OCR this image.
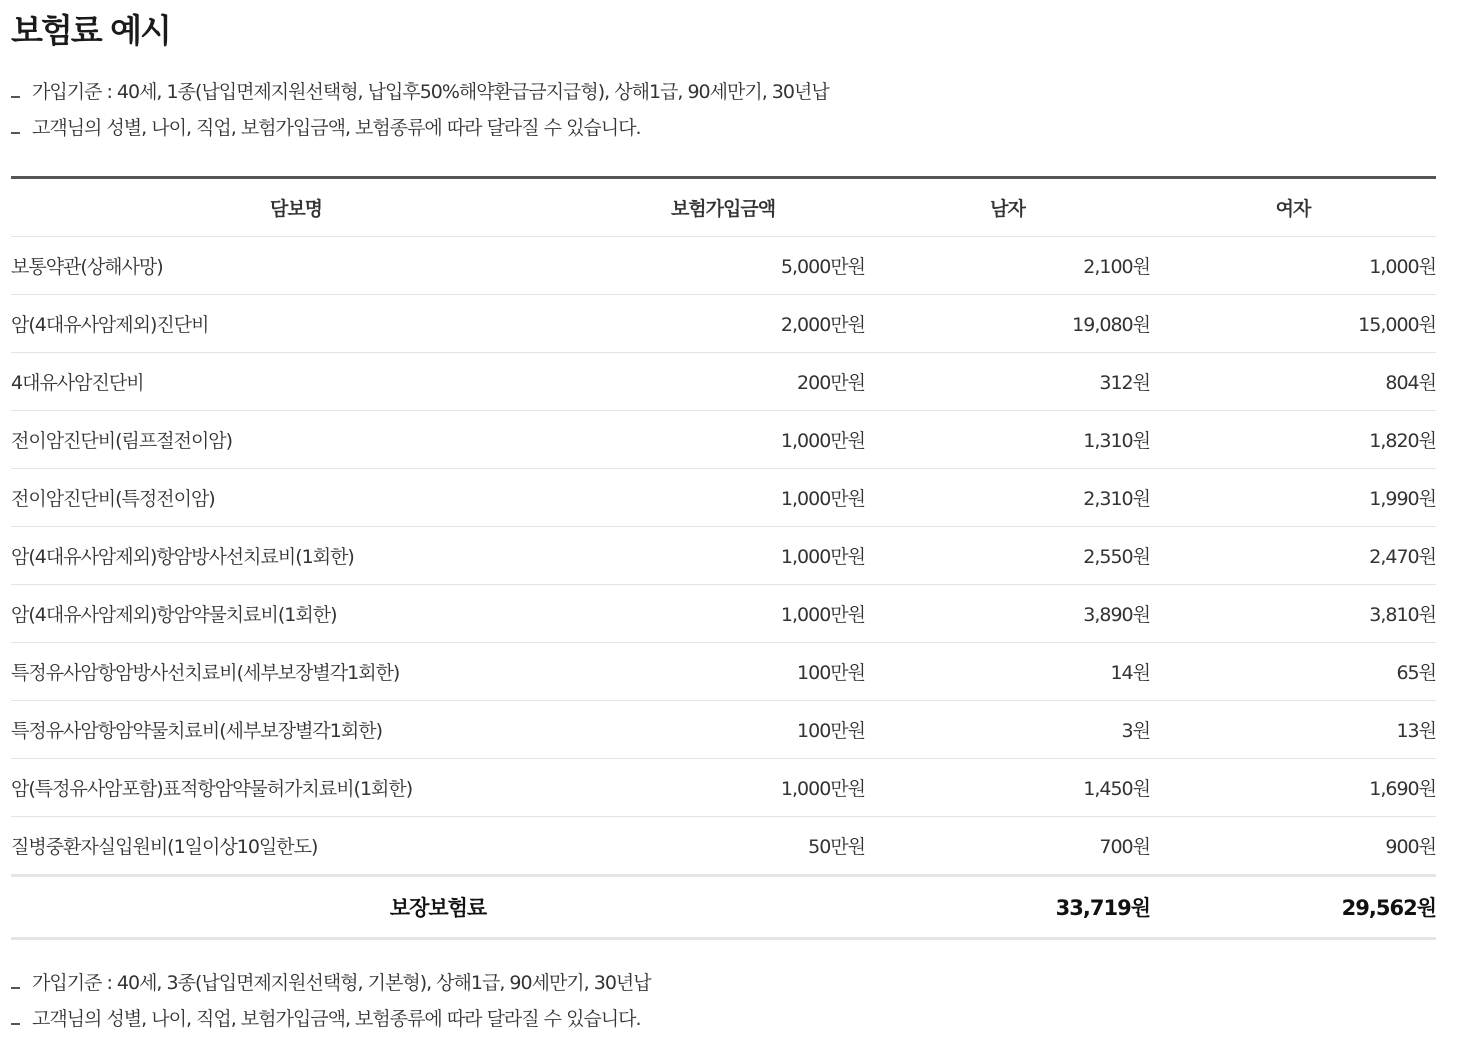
보험료 예시
가입기준 : 40세, 1종(납입면제지원선택형, 납입후50%해약환급금지급형), 상해1급, 90세만기, 30년납
고객님의 성별, 나이, 직업, 보험가입금액, 보험종류에 따라 달라질 수 있습니다.
담보명	보험가입금액	남자	여자
보통약관(상해사망)	5,000만원	2,100원	1,000원
암(4대유사암제외)진단비	2,000만원	19,080원	15,000원
4대유사암진단비	200만원	312원	804원
전이암진단비(림프절전이암)	1,000만원	1,310원	1,820원
전이암진단비(특정전이암)	1,000만원	2,310원	1,990원
암(4대유사암제외)항암방사선치료비(1회한)	1,000만원	2,550원	2,470원
암(4대유사암제외)항암약물치료비(1회한)	1,000만원	3,890원	3,810원
특정유사암항암방사선치료비(세부보장별각1회한)	100만원	14원	65원
특정유사암항암약물치료비(세부보장별각1회한)	100만원	3원	13원
암(특정유사암포함)표적항암약물허가치료비(1회한)	1,000만원	1,450원	1,690원
질병중환자실입원비(1일이상10일한도)	50만원	700원	900원
보장보험료		33,719원	29,562원
가입기준 : 40세, 3종(납입면제지원선택형, 기본형), 상해1급, 90세만기, 30년납
고객님의 성별, 나이, 직업, 보험가입금액, 보험종류에 따라 달라질 수 있습니다.
